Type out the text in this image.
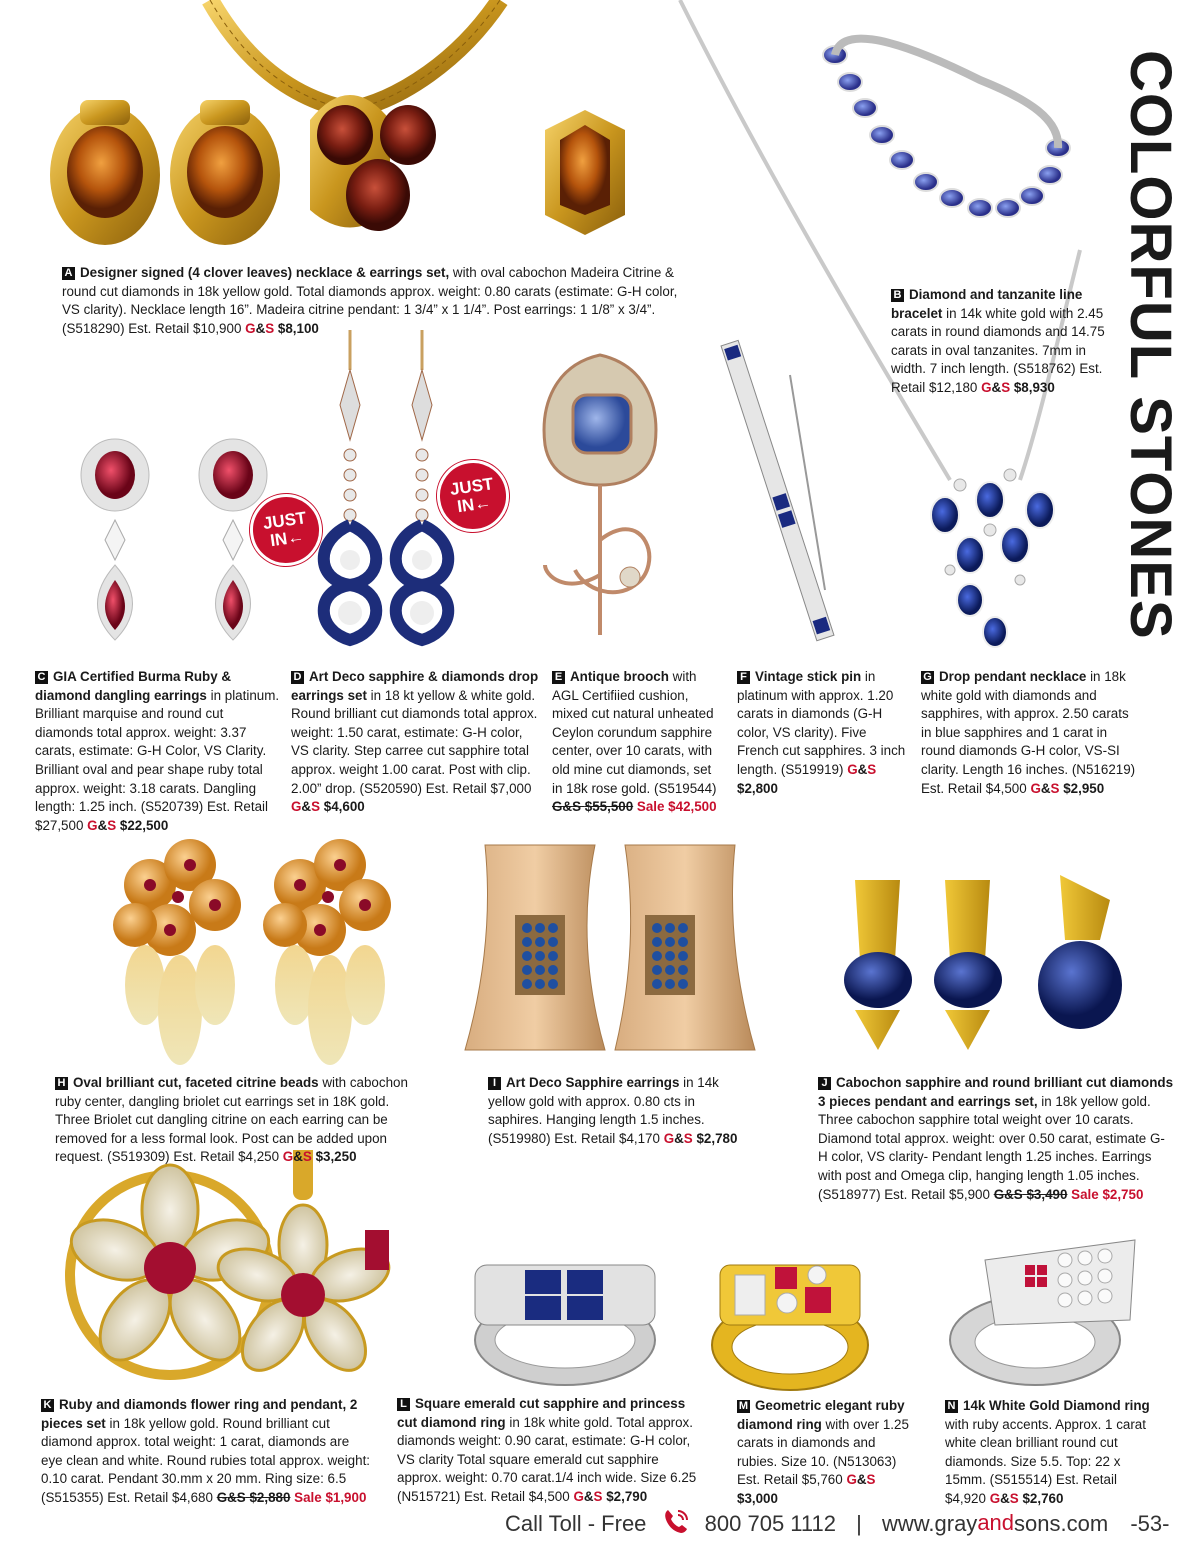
COLORFUL STONES
JUST
IN←
JUST
IN←
A Designer signed (4 clover leaves) necklace & earrings set, with oval cabochon Madeira Citrine & round cut diamonds in 18k yellow gold. Total diamonds approx. weight: 0.80 carats (estimate: G-H color, VS clarity). Necklace length 16”. Madeira citrine pendant: 1 3/4” x 1 1/4”. Post earrings: 1 1/8” x 3/4”. (S518290) Est. Retail $10,900 G&S $8,100
B Diamond and tanzanite line bracelet in 14k white gold with 2.45 carats in round diamonds and 14.75 carats in oval tanzanites. 7mm in width. 7 inch length. (S518762) Est. Retail $12,180 G&S $8,930
C GIA Certified Burma Ruby & diamond dangling earrings in platinum. Brilliant marquise and round cut diamonds total approx. weight: 3.37 carats, estimate: G-H Color, VS Clarity. Brilliant oval and pear shape ruby total approx. weight: 3.18 carats. Dangling length: 1.25 inch. (S520739) Est. Retail $27,500 G&S $22,500
D Art Deco sapphire & diamonds drop earrings set in 18 kt yellow & white gold. Round brilliant cut diamonds total approx. weight: 1.50 carat, estimate: G-H color, VS clarity. Step carree cut sapphire total approx. weight 1.00 carat. Post with clip. 2.00” drop. (S520590) Est. Retail $7,000 G&S $4,600
E Antique brooch with AGL Certifiied cushion, mixed cut natural unheated Ceylon corundum sapphire center, over 10 carats, with old mine cut diamonds, set in 18k rose gold. (S519544) G&S $55,500 Sale $42,500
F Vintage stick pin in platinum with approx. 1.20 carats in diamonds (G-H color, VS clarity). Five French cut sapphires. 3 inch length. (S519919) G&S $2,800
G Drop pendant necklace in 18k white gold with diamonds and sapphires, with approx. 2.50 carats in blue sapphires and 1 carat in round diamonds G-H color, VS-SI clarity. Length 16 inches. (N516219) Est. Retail $4,500 G&S $2,950
H Oval brilliant cut, faceted citrine beads with cabochon ruby center, dangling briolet cut earrings set in 18K gold. Three Briolet cut dangling citrine on each earring can be removed for a less formal look. Post can be added upon request. (S519309) Est. Retail $4,250 G&S $3,250
I Art Deco Sapphire earrings in 14k yellow gold with approx. 0.80 cts in saphires. Hanging length 1.5 inches. (S519980) Est. Retail $4,170 G&S $2,780
J Cabochon sapphire and round brilliant cut diamonds 3 pieces pendant and earrings set, in 18k yellow gold. Three cabochon sapphire total weight over 10 carats. Diamond total approx. weight: over 0.50 carat, estimate G-H color, VS clarity- Pendant length 1.25 inches. Earrings with post and Omega clip, hanging length 1.05 inches. (S518977) Est. Retail $5,900 G&S $3,490 Sale $2,750
K Ruby and diamonds flower ring and pendant, 2 pieces set in 18k yellow gold. Round brilliant cut diamond approx. total weight: 1 carat, diamonds are eye clean and white. Round rubies total approx. weight: 0.10 carat. Pendant 30.mm x 20 mm. Ring size: 6.5 (S515355) Est. Retail $4,680 G&S $2,880 Sale $1,900
L Square emerald cut sapphire and princess cut diamond ring in 18k white gold. Total approx. diamonds weight: 0.90 carat, estimate: G-H color, VS clarity Total square emerald cut sapphire approx. weight: 0.70 carat.1/4 inch wide. Size 6.25 (N515721) Est. Retail $4,500 G&S $2,790
M Geometric elegant ruby diamond ring with over 1.25 carats in diamonds and rubies. Size 10. (N513063) Est. Retail $5,760 G&S $3,000
N 14k White Gold Diamond ring with ruby accents. Approx. 1 carat white clean brilliant round cut diamonds. Size 5.5. Top: 22 x 15mm. (S515514) Est. Retail $4,920 G&S $2,760
Call Toll - Free	800 705 1112 | www.grayandsons.com -53-
